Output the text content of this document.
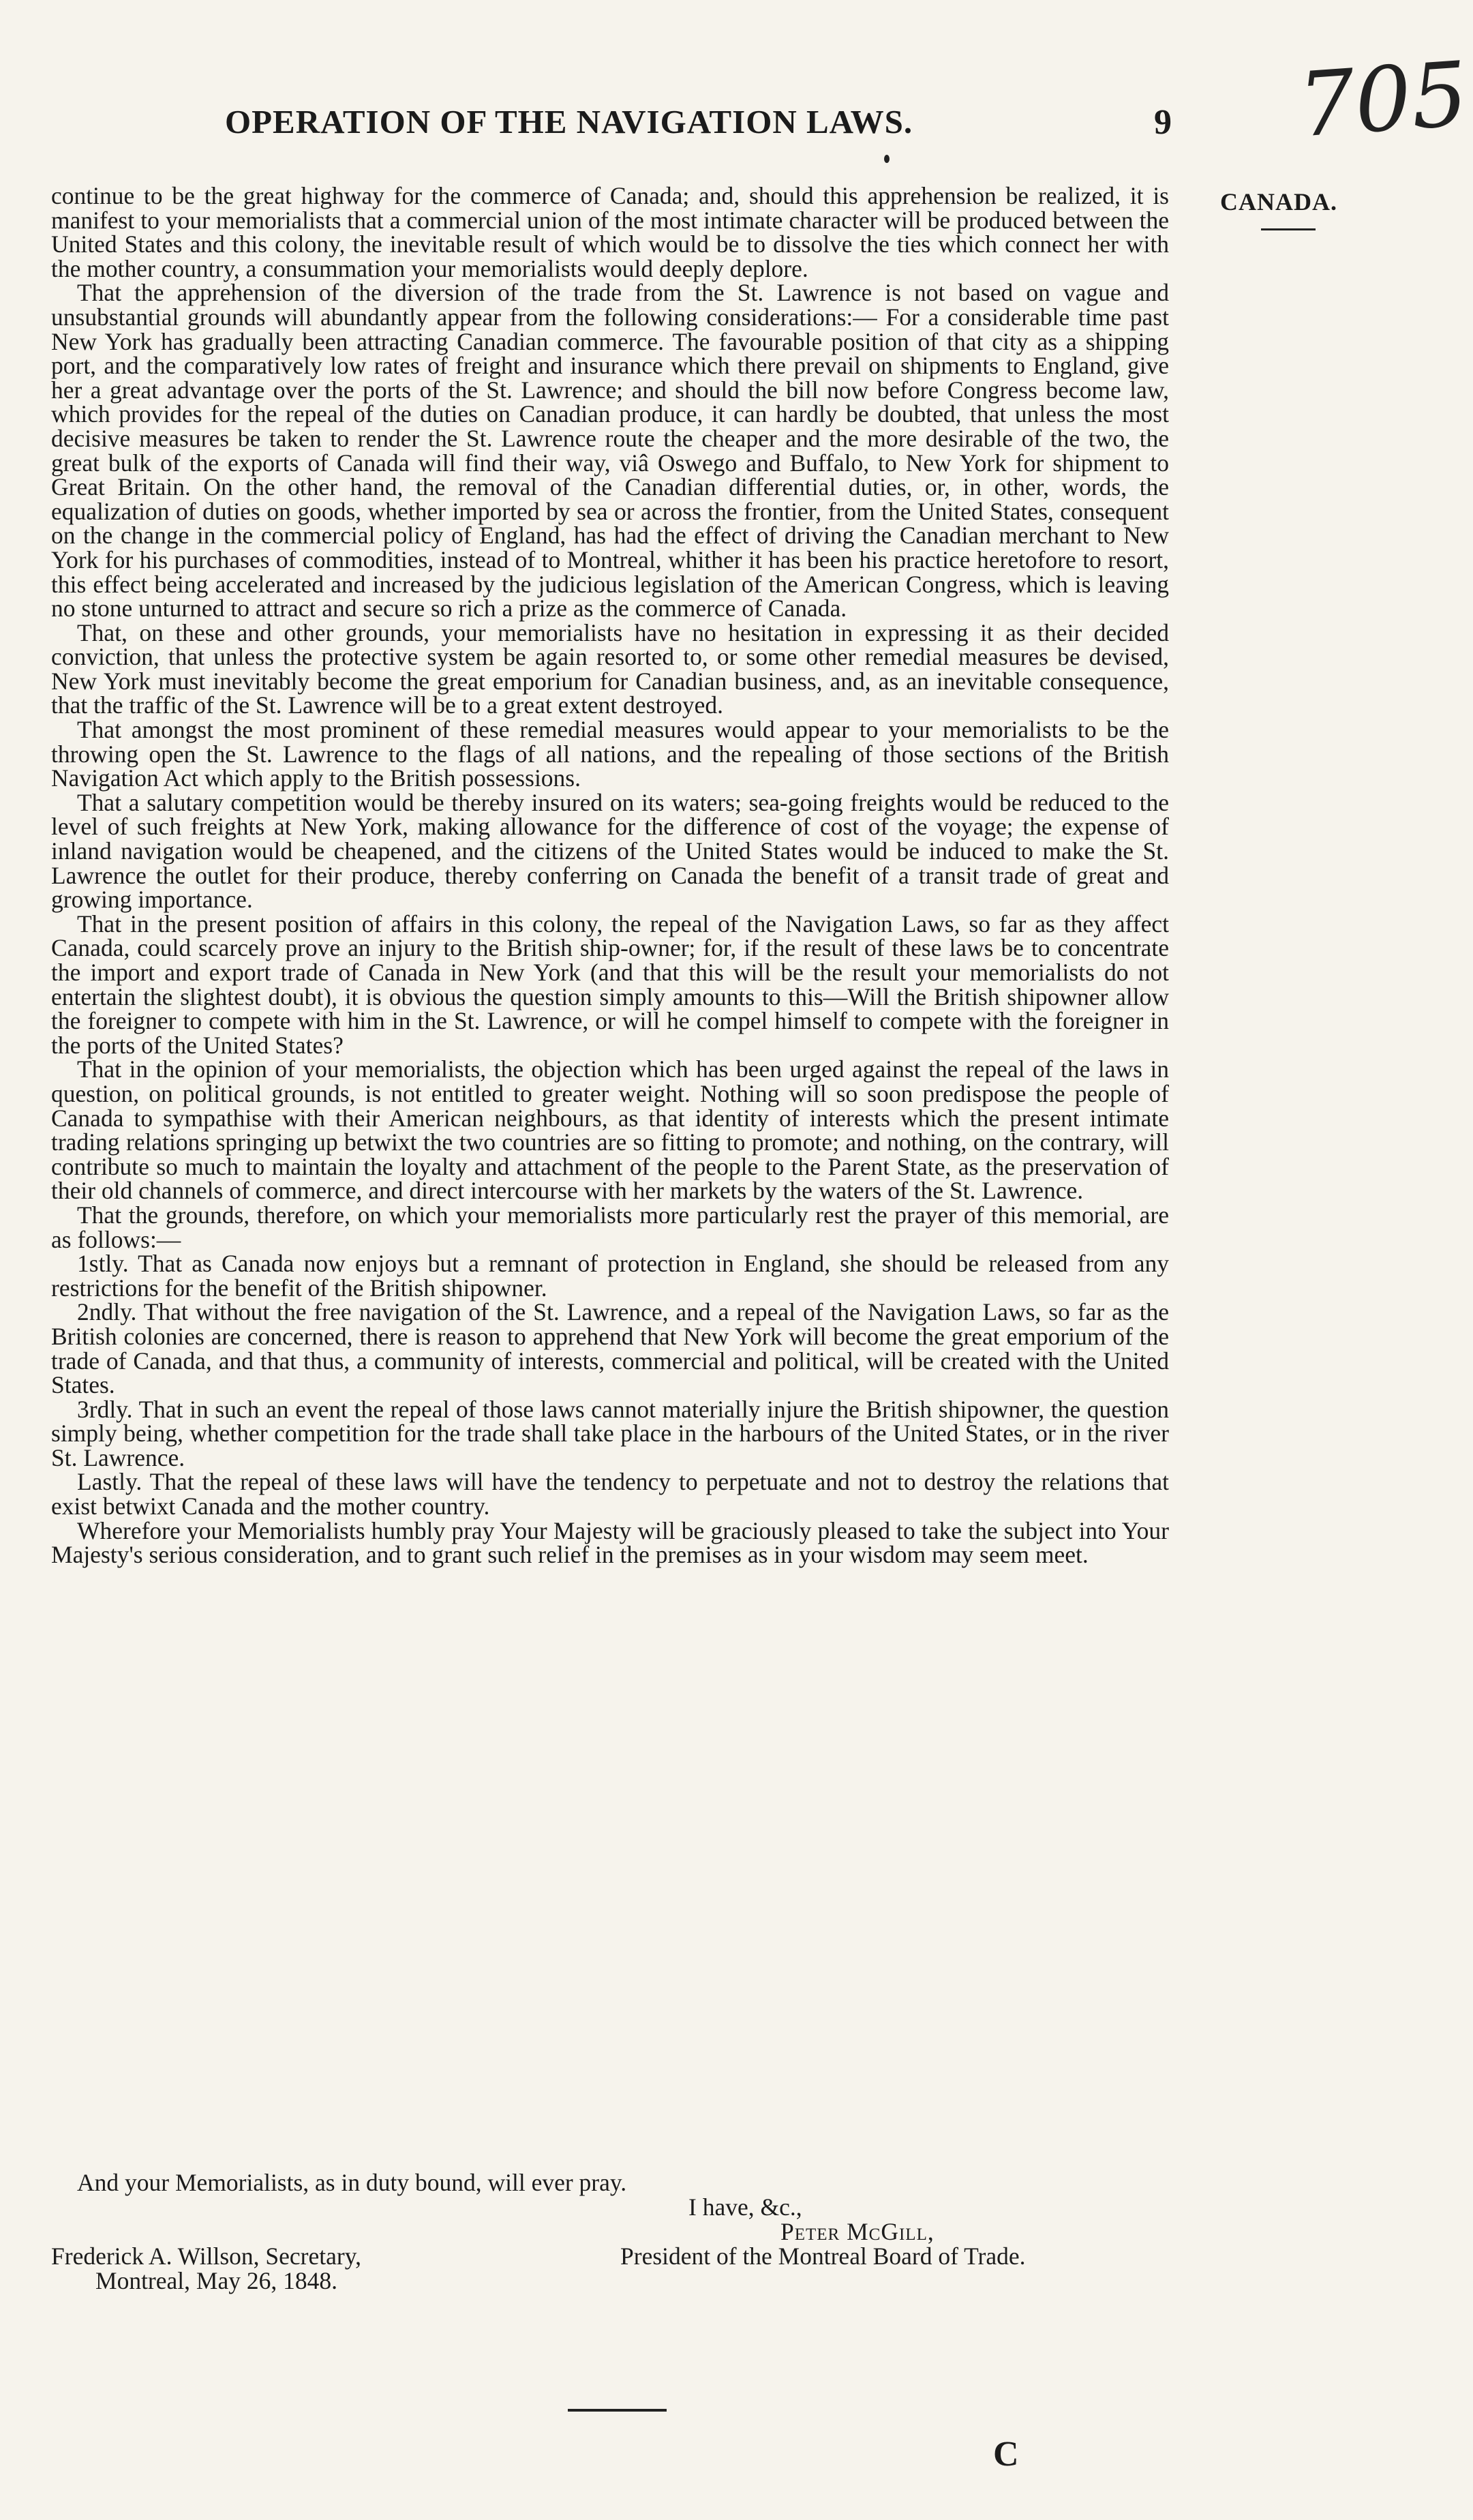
OPERATION OF THE NAVIGATION LAWS.	9 705
CANADA.

continue to be the great highway for the commerce of Canada; and, should this apprehension be realized, it is manifest to your memorialists that a commercial union of the most intimate character will be produced between the United States and this colony, the inevitable result of which would be to dissolve the ties which connect her with the mother country, a consummation your memorialists would deeply deplore.

That the apprehension of the diversion of the trade from the St. Lawrence is not based on vague and unsubstantial grounds will abundantly appear from the following considerations:— For a considerable time past New York has gradually been attracting Canadian commerce. The favourable position of that city as a shipping port, and the comparatively low rates of freight and insurance which there prevail on shipments to England, give her a great advantage over the ports of the St. Lawrence; and should the bill now before Congress become law, which provides for the repeal of the duties on Canadian produce, it can hardly be doubted, that unless the most decisive measures be taken to render the St. Lawrence route the cheaper and the more desirable of the two, the great bulk of the exports of Canada will find their way, viâ Oswego and Buffalo, to New York for shipment to Great Britain. On the other hand, the removal of the Canadian differential duties, or, in other, words, the equalization of duties on goods, whether imported by sea or across the frontier, from the United States, consequent on the change in the commercial policy of England, has had the effect of driving the Canadian merchant to New York for his purchases of commodities, instead of to Montreal, whither it has been his practice heretofore to resort, this effect being accelerated and increased by the judicious legislation of the American Congress, which is leaving no stone unturned to attract and secure so rich a prize as the commerce of Canada.

That, on these and other grounds, your memorialists have no hesitation in expressing it as their decided conviction, that unless the protective system be again resorted to, or some other remedial measures be devised, New York must inevitably become the great emporium for Canadian business, and, as an inevitable consequence, that the traffic of the St. Lawrence will be to a great extent destroyed.

That amongst the most prominent of these remedial measures would appear to your memorialists to be the throwing open the St. Lawrence to the flags of all nations, and the repealing of those sections of the British Navigation Act which apply to the British possessions.

That a salutary competition would be thereby insured on its waters; sea-going freights would be reduced to the level of such freights at New York, making allowance for the difference of cost of the voyage; the expense of inland navigation would be cheapened, and the citizens of the United States would be induced to make the St. Lawrence the outlet for their produce, thereby conferring on Canada the benefit of a transit trade of great and growing importance.

That in the present position of affairs in this colony, the repeal of the Navigation Laws, so far as they affect Canada, could scarcely prove an injury to the British ship-owner; for, if the result of these laws be to concentrate the import and export trade of Canada in New York (and that this will be the result your memorialists do not entertain the slightest doubt), it is obvious the question simply amounts to this—Will the British shipowner allow the foreigner to compete with him in the St. Lawrence, or will he compel himself to compete with the foreigner in the ports of the United States?

That in the opinion of your memorialists, the objection which has been urged against the repeal of the laws in question, on political grounds, is not entitled to greater weight. Nothing will so soon predispose the people of Canada to sympathise with their American neighbours, as that identity of interests which the present intimate trading relations springing up betwixt the two countries are so fitting to promote; and nothing, on the contrary, will contribute so much to maintain the loyalty and attachment of the people to the Parent State, as the preservation of their old channels of commerce, and direct intercourse with her markets by the waters of the St. Lawrence.

That the grounds, therefore, on which your memorialists more particularly rest the prayer of this memorial, are as follows:—

1stly. That as Canada now enjoys but a remnant of protection in England, she should be released from any restrictions for the benefit of the British shipowner.

2ndly. That without the free navigation of the St. Lawrence, and a repeal of the Navigation Laws, so far as the British colonies are concerned, there is reason to apprehend that New York will become the great emporium of the trade of Canada, and that thus, a community of interests, commercial and political, will be created with the United States.

3rdly. That in such an event the repeal of those laws cannot materially injure the British shipowner, the question simply being, whether competition for the trade shall take place in the harbours of the United States, or in the river St. Lawrence.

Lastly. That the repeal of these laws will have the tendency to perpetuate and not to destroy the relations that exist betwixt Canada and the mother country.

Wherefore your Memorialists humbly pray Your Majesty will be graciously pleased to take the subject into Your Majesty's serious consideration, and to grant such relief in the premises as in your wisdom may seem meet.

And your Memorialists, as in duty bound, will ever pray.
I have, &c.,
Peter McGill,
Frederick A. Willson, Secretary,	President of the Montreal Board of Trade.
Montreal, May 26, 1848.
C
